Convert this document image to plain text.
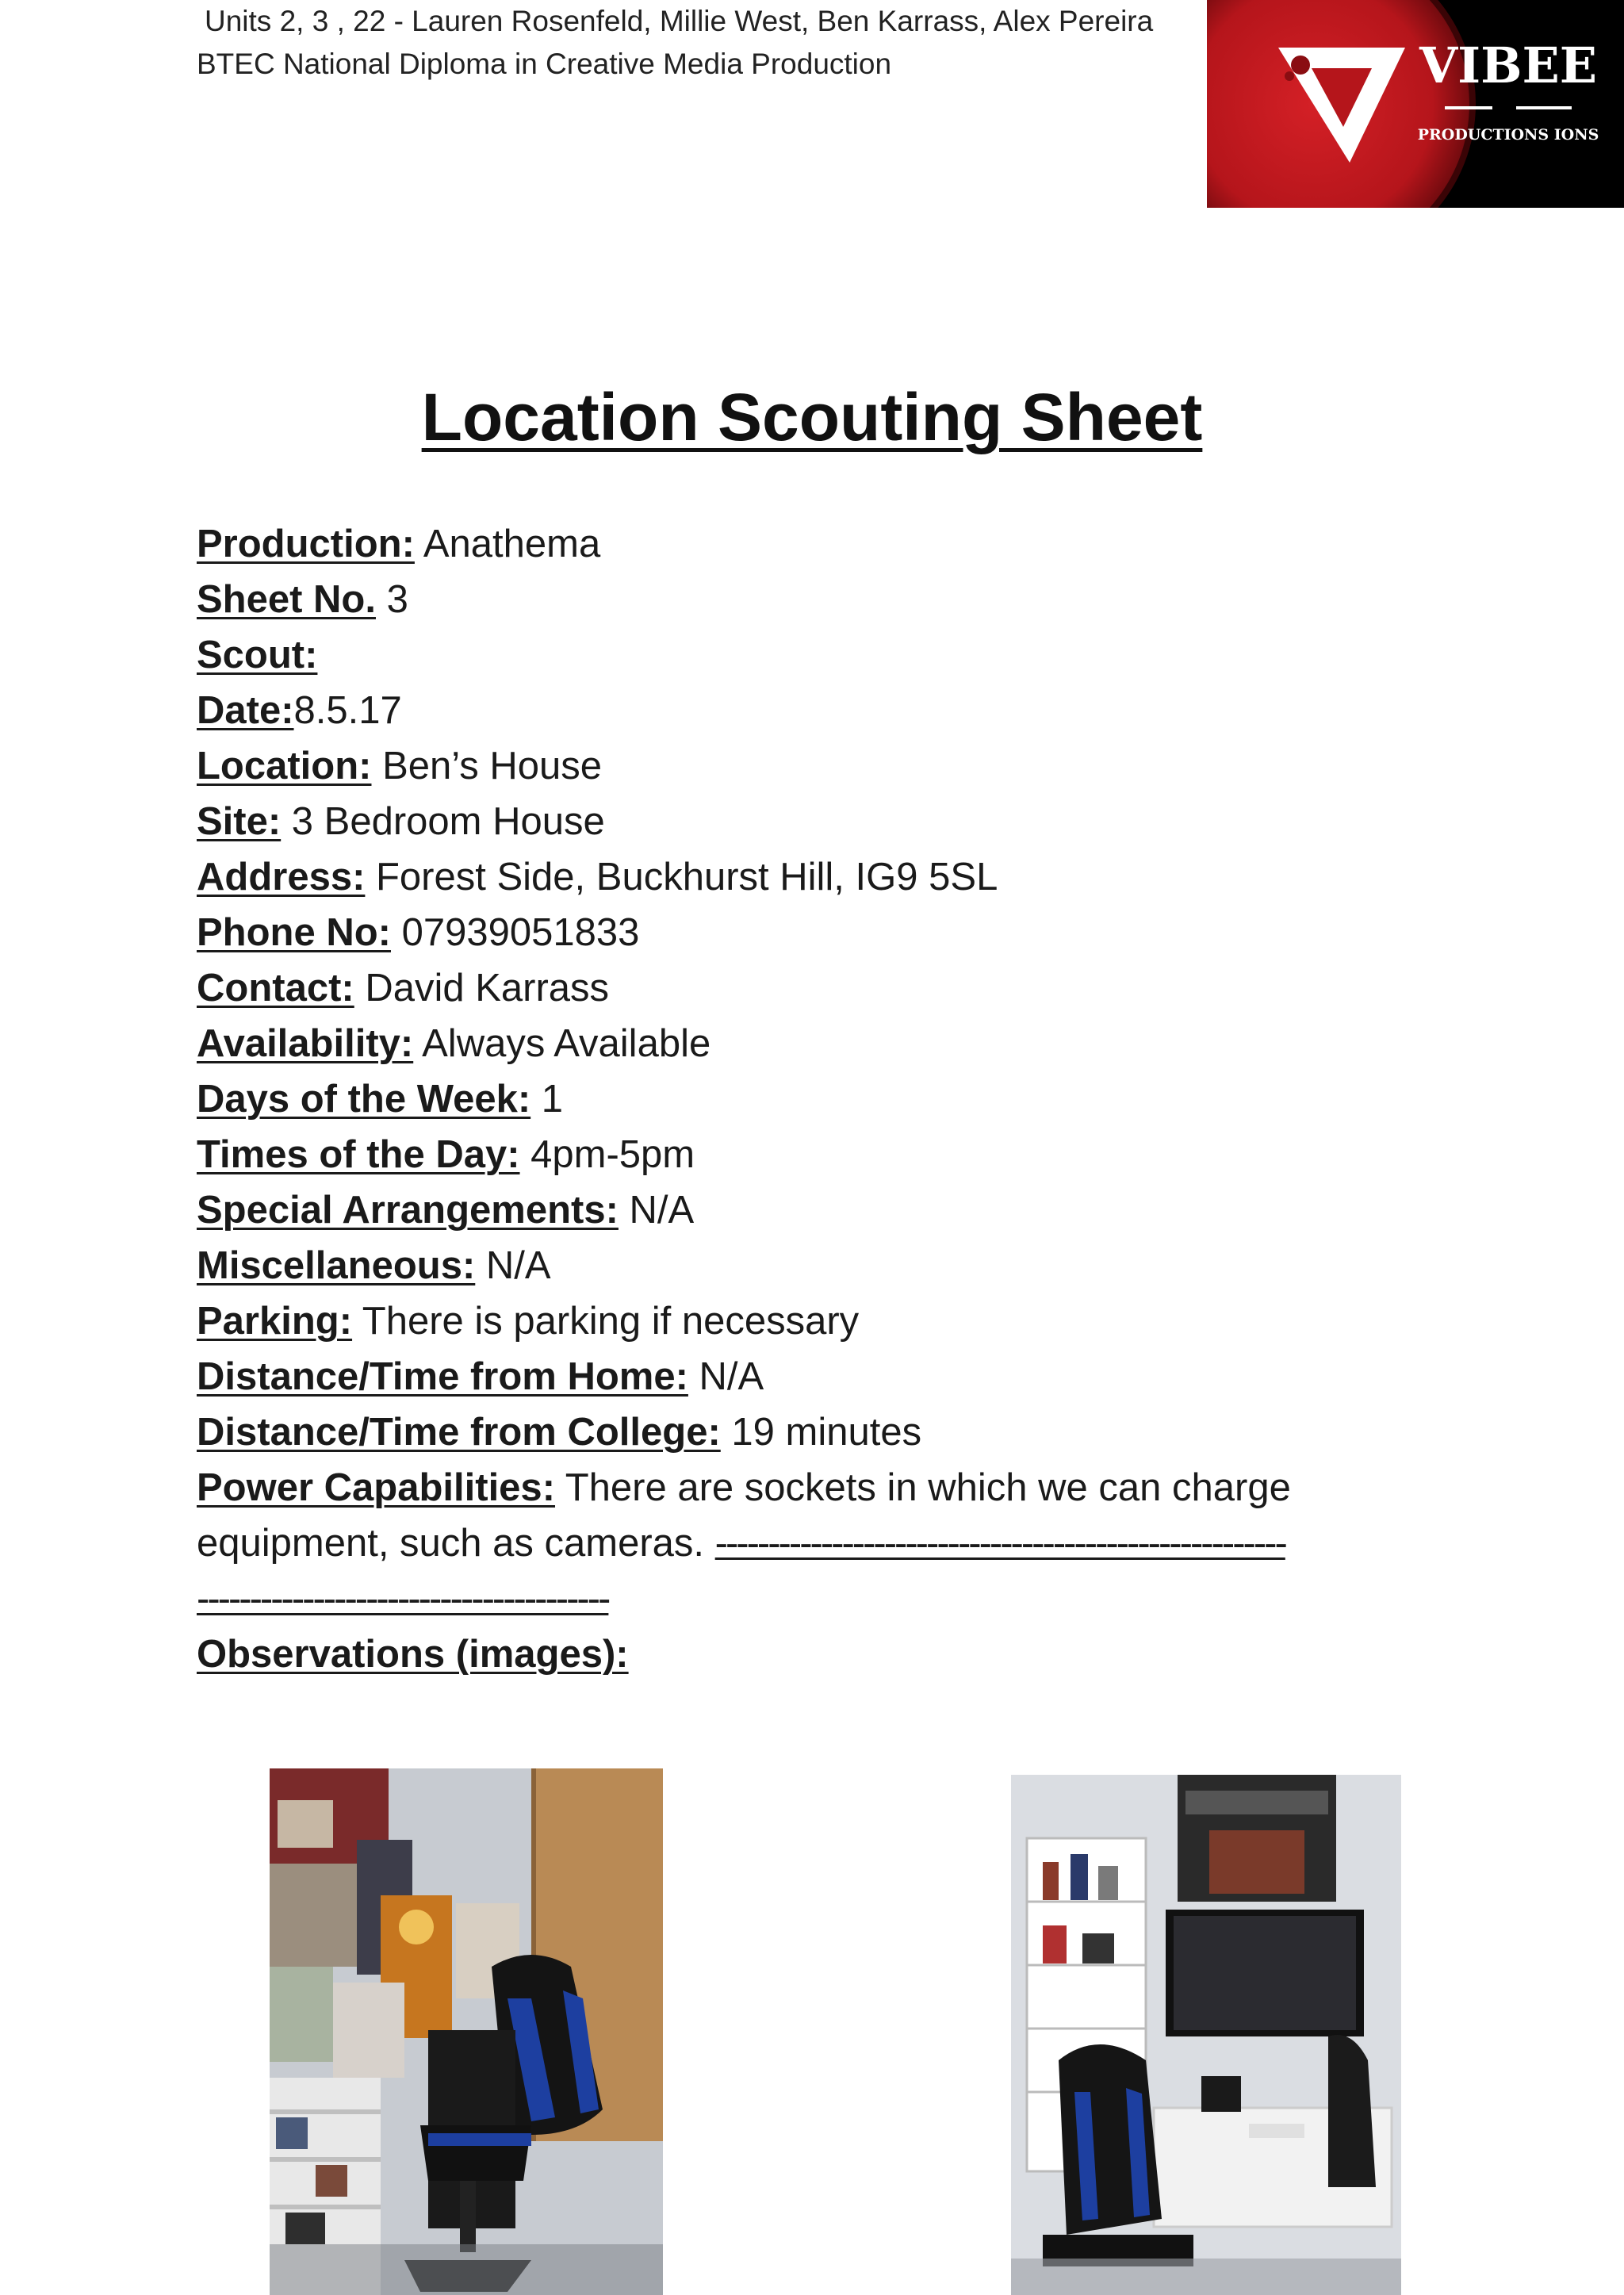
Units 2, 3 , 22 - Lauren Rosenfeld, Millie West, Ben Karrass, Alex Pereira
BTEC National Diploma in Creative Media Production	VIBEE
PRODUCTIONS IONS
Location Scouting Sheet
Production: Anathema
Sheet No. 3
Scout:
Date:8.5.17
Location: Ben’s House
Site: 3 Bedroom House
Address: Forest Side, Buckhurst Hill, IG9 5SL
Phone No: 07939051833
Contact: David Karrass
Availability: Always Available
Days of the Week: 1
Times of the Day: 4pm-5pm
Special Arrangements: N/A
Miscellaneous: N/A
Parking: There is parking if necessary
Distance/Time from Home: N/A
Distance/Time from College: 19 minutes
Power Capabilities: There are sockets in which we can charge
equipment, such as cameras. ------------------------------------------------------
---------------------------------------
Observations (images):
